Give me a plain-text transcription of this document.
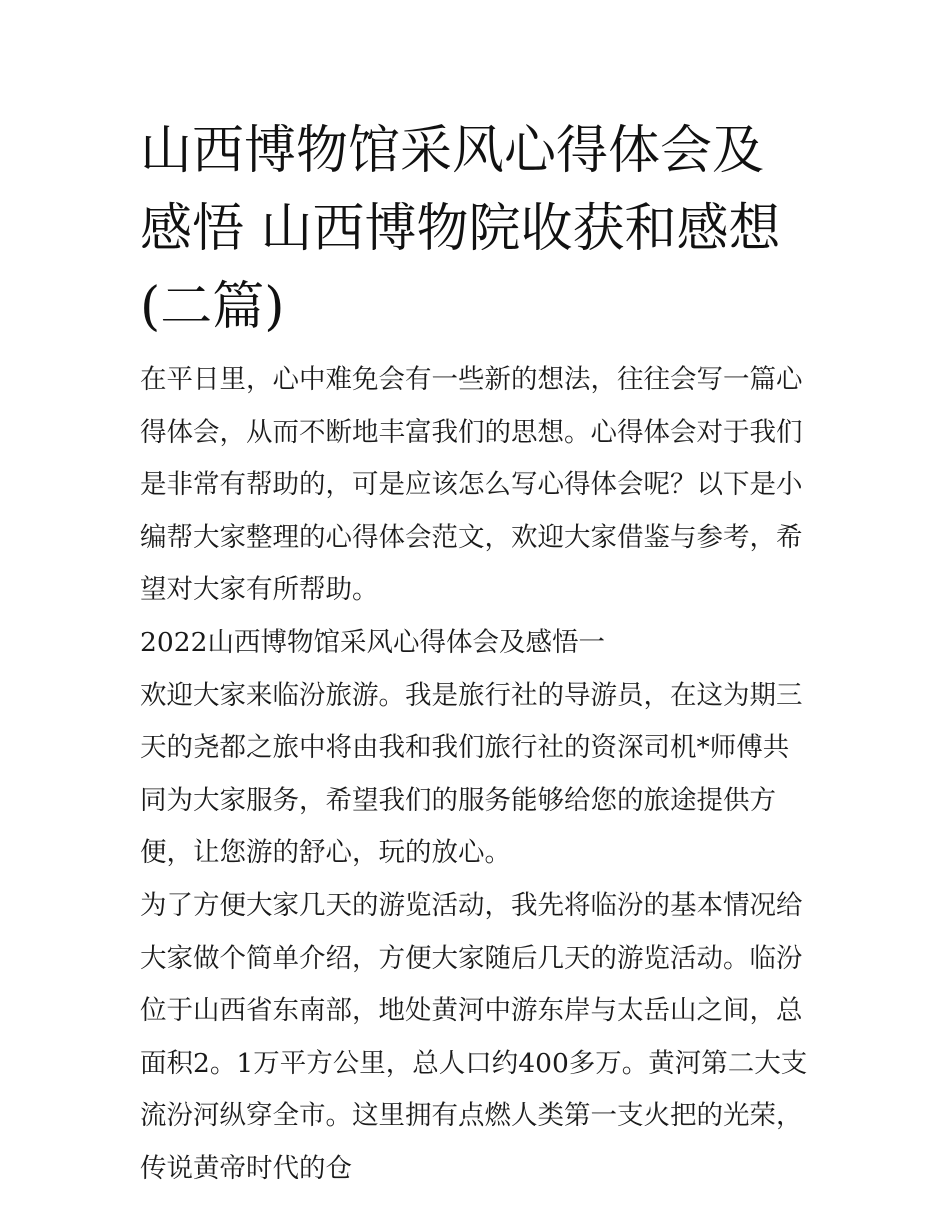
山西博物馆采风心得体会及感悟 山西博物院收获和感想(二篇)

在平日里，心中难免会有一些新的想法，往往会写一篇心得体会，从而不断地丰富我们的思想。心得体会对于我们是非常有帮助的，可是应该怎么写心得体会呢？以下是小编帮大家整理的心得体会范文，欢迎大家借鉴与参考，希望对大家有所帮助。

2022山西博物馆采风心得体会及感悟一

欢迎大家来临汾旅游。我是旅行社的导游员，在这为期三天的尧都之旅中将由我和我们旅行社的资深司机*师傅共同为大家服务，希望我们的服务能够给您的旅途提供方便，让您游的舒心，玩的放心。

为了方便大家几天的游览活动，我先将临汾的基本情况给大家做个简单介绍，方便大家随后几天的游览活动。临汾位于山西省东南部，地处黄河中游东岸与太岳山之间，总面积2。1万平方公里，总人口约400多万。黄河第二大支流汾河纵穿全市。这里拥有点燃人类第一支火把的光荣，传说黄帝时代的仓
